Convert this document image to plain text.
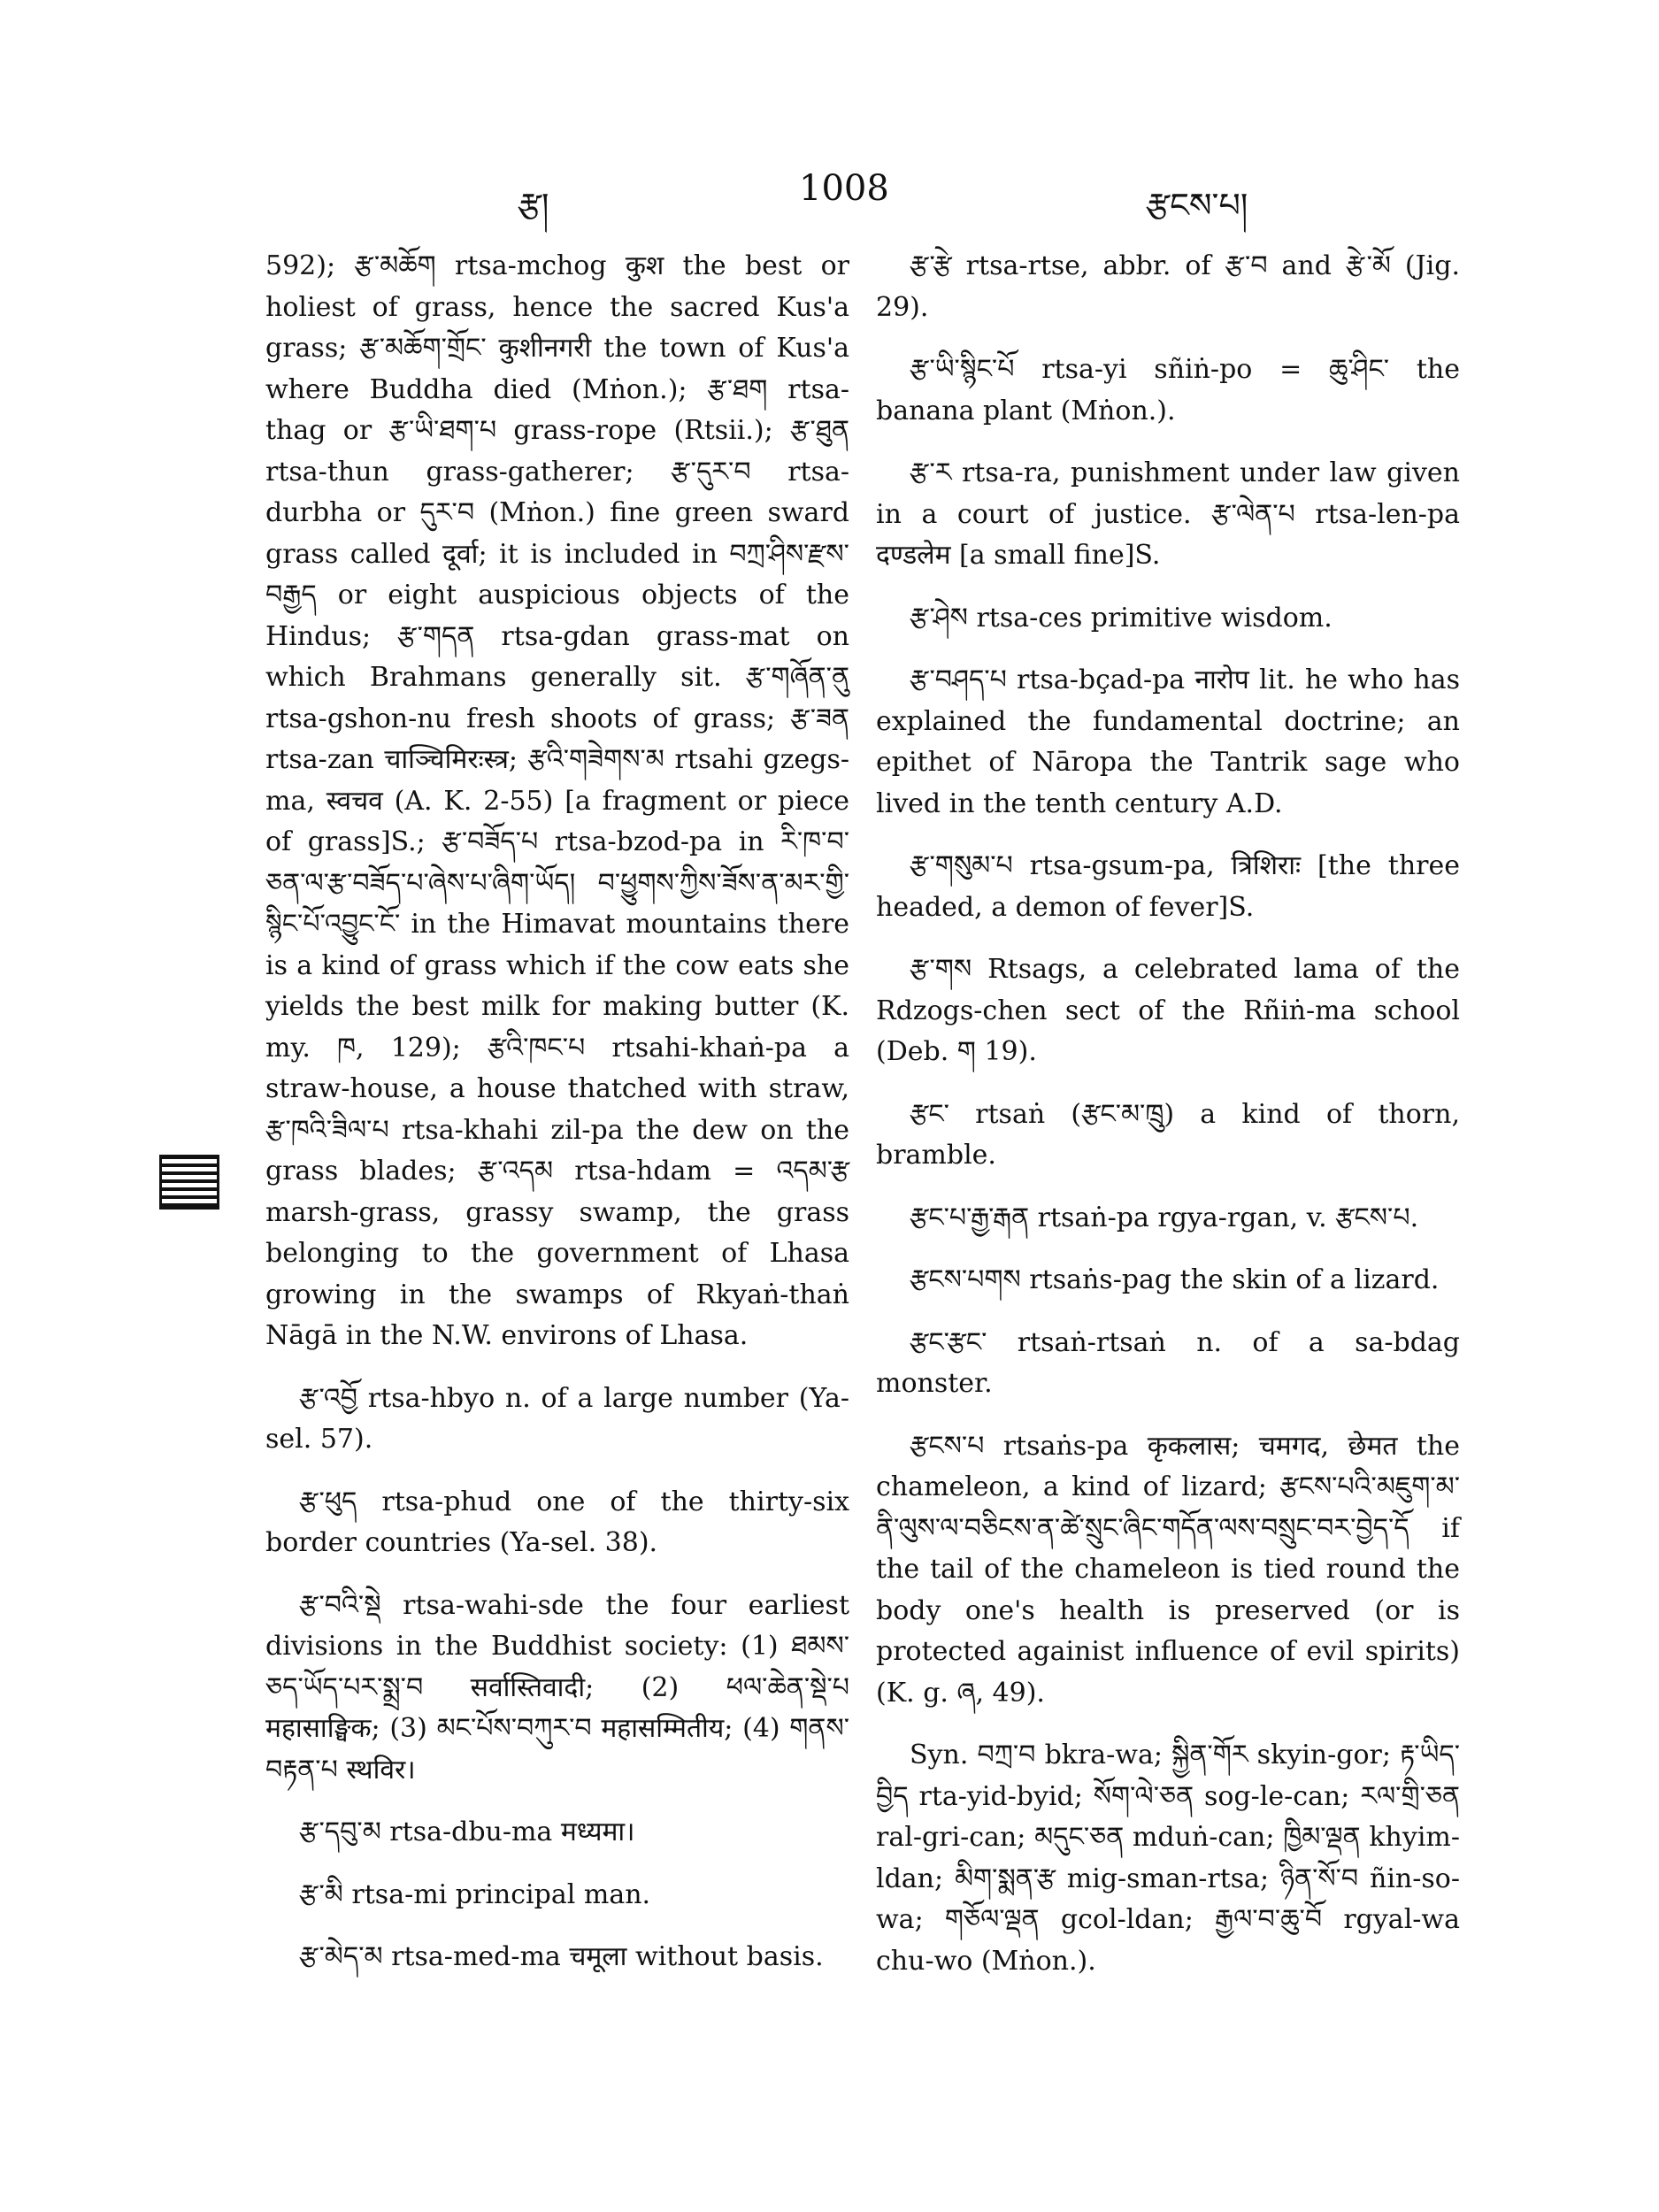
རྩ།	1008	རྩངས་པ།

592); རྩ་མཆོག rtsa-mchog कुश the best or holiest of grass, hence the sacred Kus'a grass; རྩ་མཆོག་གྲོང་ कुशीनगरी the town of Kus'a where Buddha died (Mṅon.); རྩ་ཐག rtsa-thag or རྩ་ཡི་ཐག་པ grass-rope (Rtsii.); རྩ་ཐུན rtsa-thun grass-gatherer; རྩ་དུར་བ rtsa-durbha or དུར་བ (Mṅon.) fine green sward grass called दूर्वा; it is included in བཀྲ་ཤིས་རྫས་བརྒྱད or eight auspicious objects of the Hindus; རྩ་གདན rtsa-gdan grass-mat on which Brahmans generally sit. རྩ་གཞོན་ནུ rtsa-gshon-nu fresh shoots of grass; རྩ་ཟན rtsa-zan चाञ्चिमिरःस्त्र; རྩའི་གཟེགས་མ rtsahi gzegs-ma, स्वचव (A. K. 2-55) [a fragment or piece of grass]S.; རྩ་བཟོད་པ rtsa-bzod-pa in རི་ཁ་བ་ཅན་ལ་རྩ་བཟོད་པ་ཞེས་པ་ཞིག་ཡོད། བ་ཕྱུགས་ཀྱིས་ཟོས་ན་མར་གྱི་སྙིང་པོ་འབྱུང་ངོ་ in the Himavat mountains there is a kind of grass which if the cow eats she yields the best milk for making butter (K. my. ཁ, 129); རྩའི་ཁང་པ rtsahi-khaṅ-pa a straw-house, a house thatched with straw, རྩ་ཁའི་ཟིལ་པ rtsa-khahi zil-pa the dew on the grass blades; རྩ་འདམ rtsa-hdam = འདམ་རྩ marsh-grass, grassy swamp, the grass belonging to the government of Lhasa growing in the swamps of Rkyaṅ-thaṅ Nāgā in the N.W. environs of Lhasa.

རྩ་འབྱོ rtsa-hbyo n. of a large number (Ya-sel. 57).

རྩ་ཕུད rtsa-phud one of the thirty-six border countries (Ya-sel. 38).

རྩ་བའི་སྡེ rtsa-wahi-sde the four earliest divisions in the Buddhist society: (1) ཐམས་ཅད་ཡོད་པར་སྨྲ་བ सर्वास्तिवादी; (2) ཕལ་ཆེན་སྡེ་པ महासाङ्घिक; (3) མང་པོས་བཀུར་བ महासम्मितीय; (4) གནས་བརྟན་པ स्थविर।

རྩ་དབུ་མ rtsa-dbu-ma मध्यमा।

རྩ་མི rtsa-mi principal man.

རྩ་མེད་མ rtsa-med-ma चमूला without basis.

རྩ་རྩེ rtsa-rtse, abbr. of རྩ་བ and རྩེ་མོ (Jig. 29).

རྩ་ཡི་སྙིང་པོ rtsa-yi sñiṅ-po = ཆུ་ཤིང་ the banana plant (Mṅon.).

རྩ་ར rtsa-ra, punishment under law given in a court of justice. རྩ་ལེན་པ rtsa-len-pa दण्डलेम [a small fine]S.

རྩ་ཤེས rtsa-ces primitive wisdom.

རྩ་བཤད་པ rtsa-bçad-pa नारोप lit. he who has explained the fundamental doctrine; an epithet of Nāropa the Tantrik sage who lived in the tenth century A.D.

རྩ་གསུམ་པ rtsa-gsum-pa, त्रिशिराः [the three headed, a demon of fever]S.

རྩ་གས Rtsags, a celebrated lama of the Rdzogs-chen sect of the Rñiṅ-ma school (Deb. ག 19).

རྩང་ rtsaṅ (རྩང་མ་ཁྲུ) a kind of thorn, bramble.

རྩང་པ་རྒྱ་རྒན rtsaṅ-pa rgya-rgan, v. རྩངས་པ.

རྩངས་པགས rtsaṅs-pag the skin of a lizard.

རྩང་རྩང་ rtsaṅ-rtsaṅ n. of a sa-bdag monster.

རྩངས་པ rtsaṅs-pa कृकलास; चमगद, छेमत the chameleon, a kind of lizard; རྩངས་པའི་མཇུག་མ་ནི་ལུས་ལ་བཅིངས་ན་ཚེ་སྲུང་ཞིང་གདོན་ལས་བསྲུང་བར་བྱེད་དོ if the tail of the chameleon is tied round the body one's health is preserved (or is protected againist influence of evil spirits) (K. g. ཞ, 49).

Syn. བཀྲ་བ bkra-wa; སྐྱིན་གོར skyin-gor; རྟ་ཡིད་བྱིད rta-yid-byid; སོག་ལེ་ཅན sog-le-can; རལ་གྲི་ཅན ral-gri-can; མདུང་ཅན mduṅ-can; ཁྱིམ་ལྡན khyim-ldan; མིག་སྨན་རྩ mig-sman-rtsa; ཉིན་སོ་བ ñin-so-wa; གཅོལ་ལྡན gcol-ldan; རྒྱལ་བ་ཆུ་བོ rgyal-wa chu-wo (Mṅon.).
